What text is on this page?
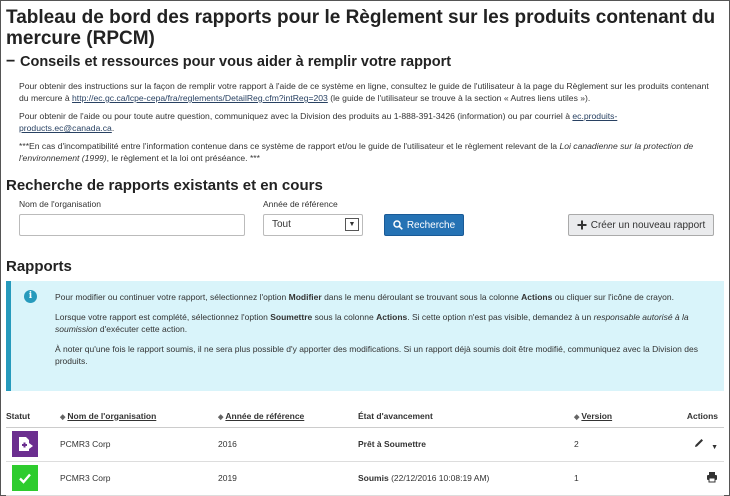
Tableau de bord des rapports pour le Règlement sur les produits contenant du mercure (RPCM)
− Conseils et ressources pour vous aider à remplir votre rapport

Pour obtenir des instructions sur la façon de remplir votre rapport à l'aide de ce système en ligne, consultez le guide de l'utilisateur à la page du Règlement sur les produits contenant du mercure à http://ec.gc.ca/lcpe-cepa/fra/reglements/DetailReg.cfm?intReg=203 (le guide de l'utilisateur se trouve à la section « Autres liens utiles »).

Pour obtenir de l'aide ou pour toute autre question, communiquez avec la Division des produits au 1-888-391-3426 (information) ou par courriel à ec.produits-products.ec@canada.ca.

***En cas d'incompatibilité entre l'information contenue dans ce système de rapport et/ou le guide de l'utilisateur et le règlement relevant de la Loi canadienne sur la protection de l'environnement (1999), le règlement et la loi ont préséance. ***

Recherche de rapports existants et en cours
Nom de l'organisation	Année de référence
Tout	▼	Recherche	Créer un nouveau rapport
Rapports
i	Pour modifier ou continuer votre rapport, sélectionnez l'option Modifier dans le menu déroulant se trouvant sous la colonne Actions ou cliquer sur l'icône de crayon.

Lorsque votre rapport est complété, sélectionnez l'option Soumettre sous la colonne Actions. Si cette option n'est pas visible, demandez à un responsable autorisé à la soumission d'exécuter cette action.

À noter qu'une fois le rapport soumis, il ne sera plus possible d'y apporter des modifications. Si un rapport déjà soumis doit être modifié, communiquez avec la Division des produits.

Statut	◆ Nom de l'organisation	◆ Année de référence	État d'avancement	◆ Version	Actions

	PCMR3 Corp	2016	Prêt à Soumettre	2	▼

	PCMR3 Corp	2019	Soumis (22/12/2016 10:08:19 AM)	1	
